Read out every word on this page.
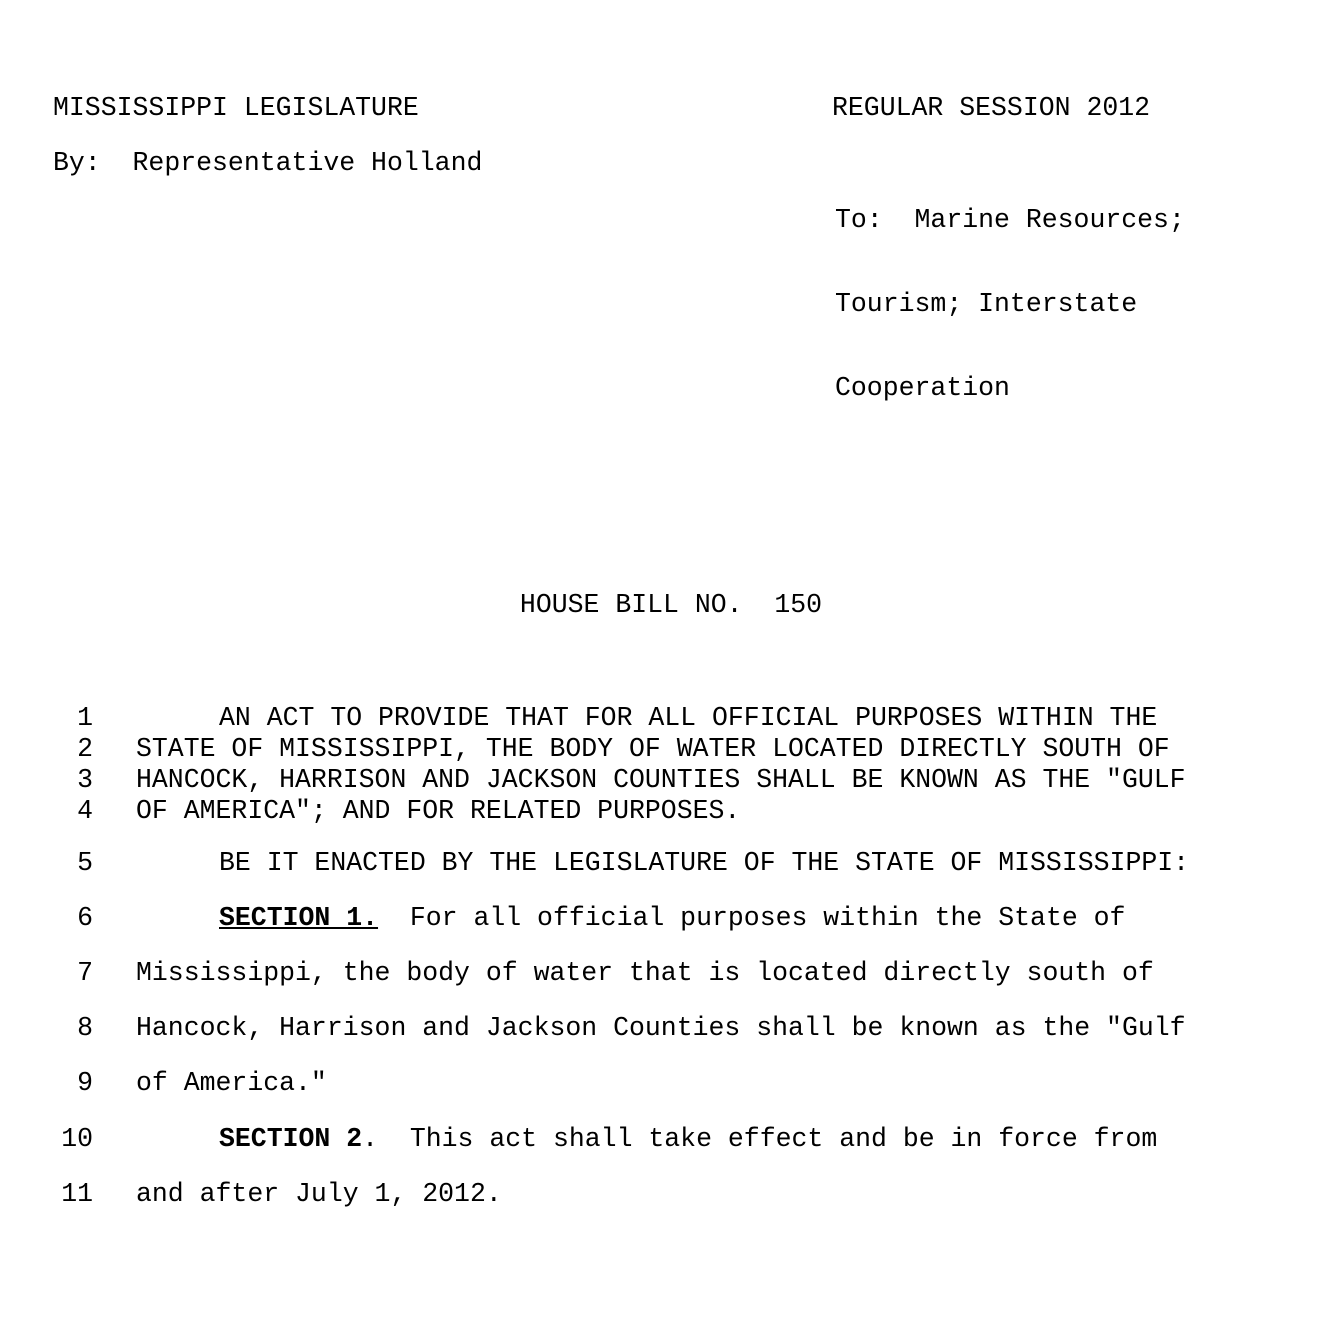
MISSISSIPPI LEGISLATURE	REGULAR SESSION 2012
By:  Representative Holland

To:  Marine Resources;

Tourism; Interstate

Cooperation

HOUSE BILL NO.  150
1
2
3
4
5
6
7
8
9
10
11
AN ACT TO PROVIDE THAT FOR ALL OFFICIAL PURPOSES WITHIN THE
STATE OF MISSISSIPPI, THE BODY OF WATER LOCATED DIRECTLY SOUTH OF
HANCOCK, HARRISON AND JACKSON COUNTIES SHALL BE KNOWN AS THE "GULF
OF AMERICA"; AND FOR RELATED PURPOSES.
BE IT ENACTED BY THE LEGISLATURE OF THE STATE OF MISSISSIPPI:
SECTION 1.  For all official purposes within the State of
Mississippi, the body of water that is located directly south of
Hancock, Harrison and Jackson Counties shall be known as the "Gulf
of America."
SECTION 2.  This act shall take effect and be in force from
and after July 1, 2012.
